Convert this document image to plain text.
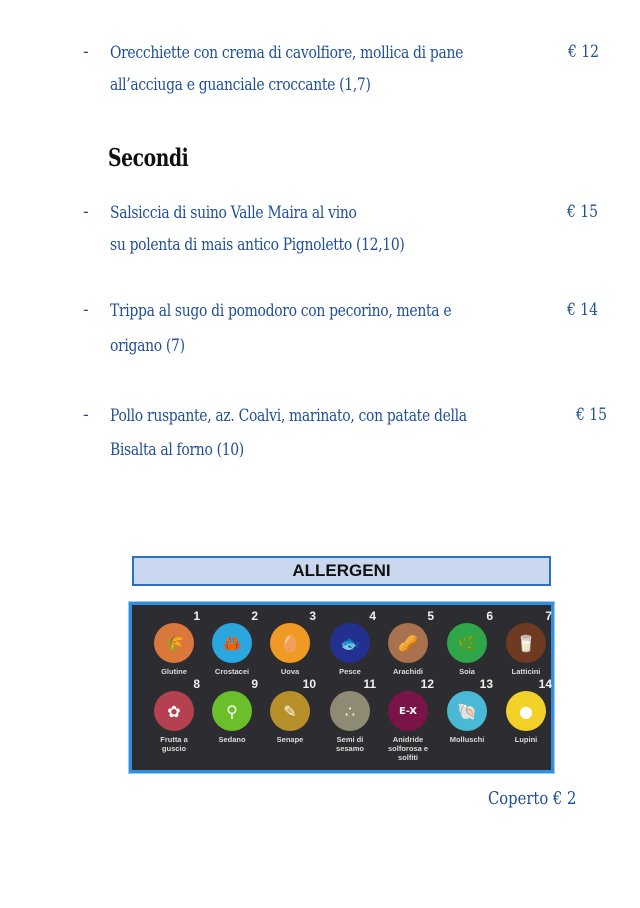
- Orecchiette con crema di cavolfiore, mollica di pane
all’acciuga e guanciale croccante (1,7)
€ 12
Secondi
- Salsiccia di suino Valle Maira al vino
su polenta di mais antico Pignoletto (12,10)
€ 15
- Trippa al sugo di pomodoro con pecorino, menta e
origano (7)
€ 14
- Pollo ruspante, az. Coalvi, marinato, con patate della
Bisalta al forno (10)
€ 15
ALLERGENI
1
🌾
Glutine
2
🦀
Crostacei
3
🥚
Uova
4
🐟
Pesce
5
🥜
Arachidi
6
🌿
Soia
7
🥛
Latticini
8
✿
Frutta a guscio
9
⚲
Sedano
10
✎
Senape
11
∴
Semi di sesamo
12
E-X
Anidride solforosa e solfiti
13
🐚
Molluschi
14
●
Lupini
Coperto € 2
